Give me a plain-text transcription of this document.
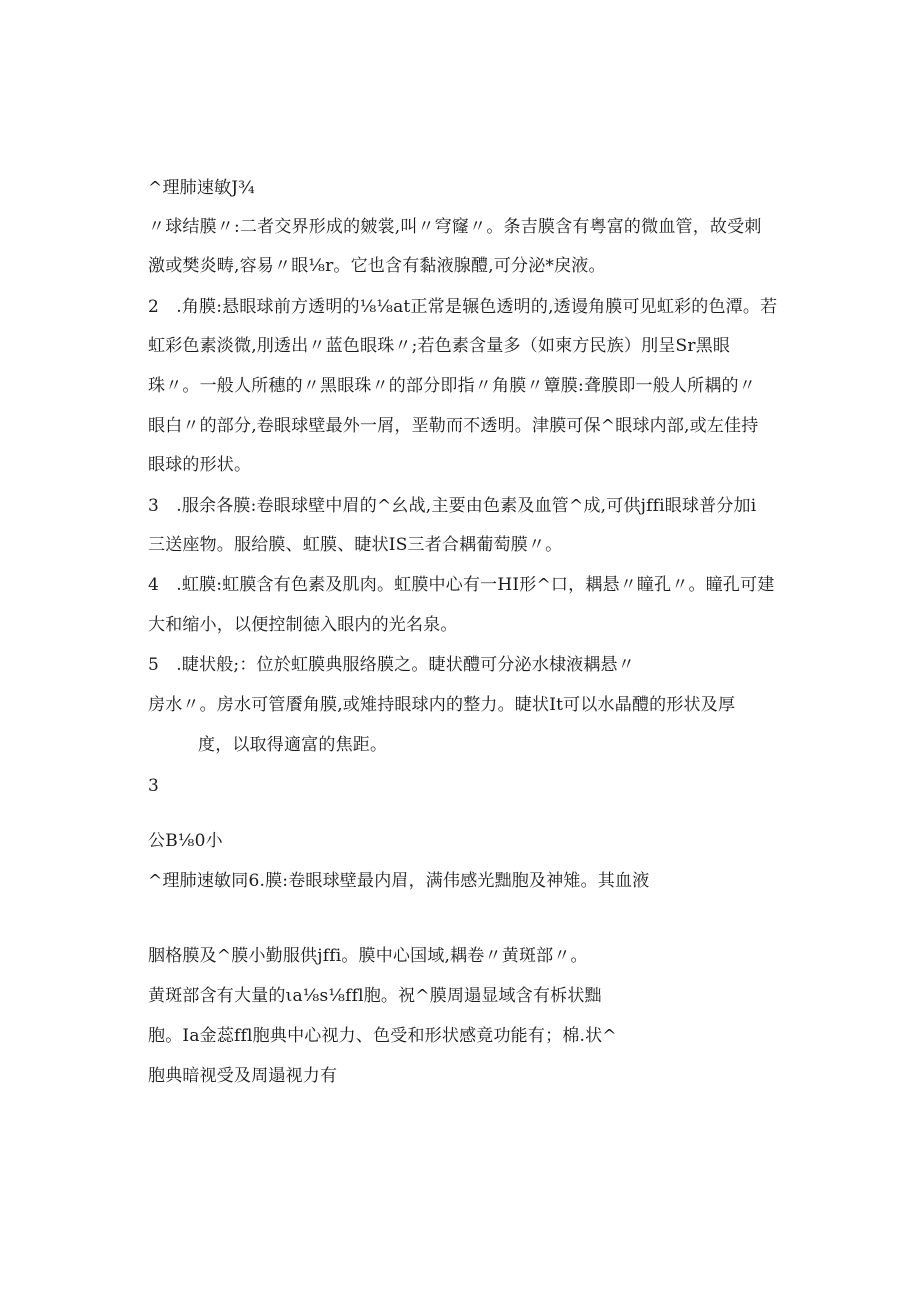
^理肺速敏J¾
〃球结膜〃:二者交界形成的皴裳,叫〃穹窿〃。条吉膜含有粤富的微血管，故受刺
激或樊炎畴,容易〃眼⅛r。它也含有黏液腺醴,可分泌*戾液。
2　.角膜:悬眼球前方透明的⅛⅛at正常是辗色透明的,透谩角膜可见虹彩的色潭。若
虹彩色素淡微,刖透出〃蓝色眼珠〃;若色素含量多（如柬方民族）刖呈Sr黑眼
珠〃。一般人所穗的〃黑眼珠〃的部分即指〃角膜〃簟膜:聋膜即一般人所耦的〃
眼白〃的部分,卷眼球壁最外一屑，垩勒而不透明。津膜可保^眼球内部,或左佳持
眼球的形状。
3　.服余各膜:卷眼球壁中眉的^幺战,主要由色素及血管^成,可供jffi眼球普分加i
三送座物。服给膜、虹膜、睫状IS三者合耦葡萄膜〃。
4　.虹膜:虹膜含有色素及肌肉。虹膜中心有一HI形^口，耦悬〃瞳孔〃。瞳孔可建
大和缩小，以便控制徳入眼内的光名泉。
5　.睫状般;：位於虹膜典服络膜之。睫状醴可分泌水棣液耦悬〃
房水〃。房水可管餍角膜,或雉持眼球内的整力。睫状It可以水晶醴的形状及厚
度，以取得適富的焦距。
3
公B⅛0小
^理肺速敏同6.膜:卷眼球壁最内眉，满伟感光黜胞及神雉。其血液
胭格膜及^膜小勤服供jffi。膜中心国域,耦卷〃黄斑部〃。
黄斑部含有大量的ιa⅛s⅛ffl胞。祝^膜周遢显域含有柝状黜
胞。Ia金蕊ffl胞典中心视力、色受和形状感竟功能有；棉.状^
胞典暗视受及周遢视力有
